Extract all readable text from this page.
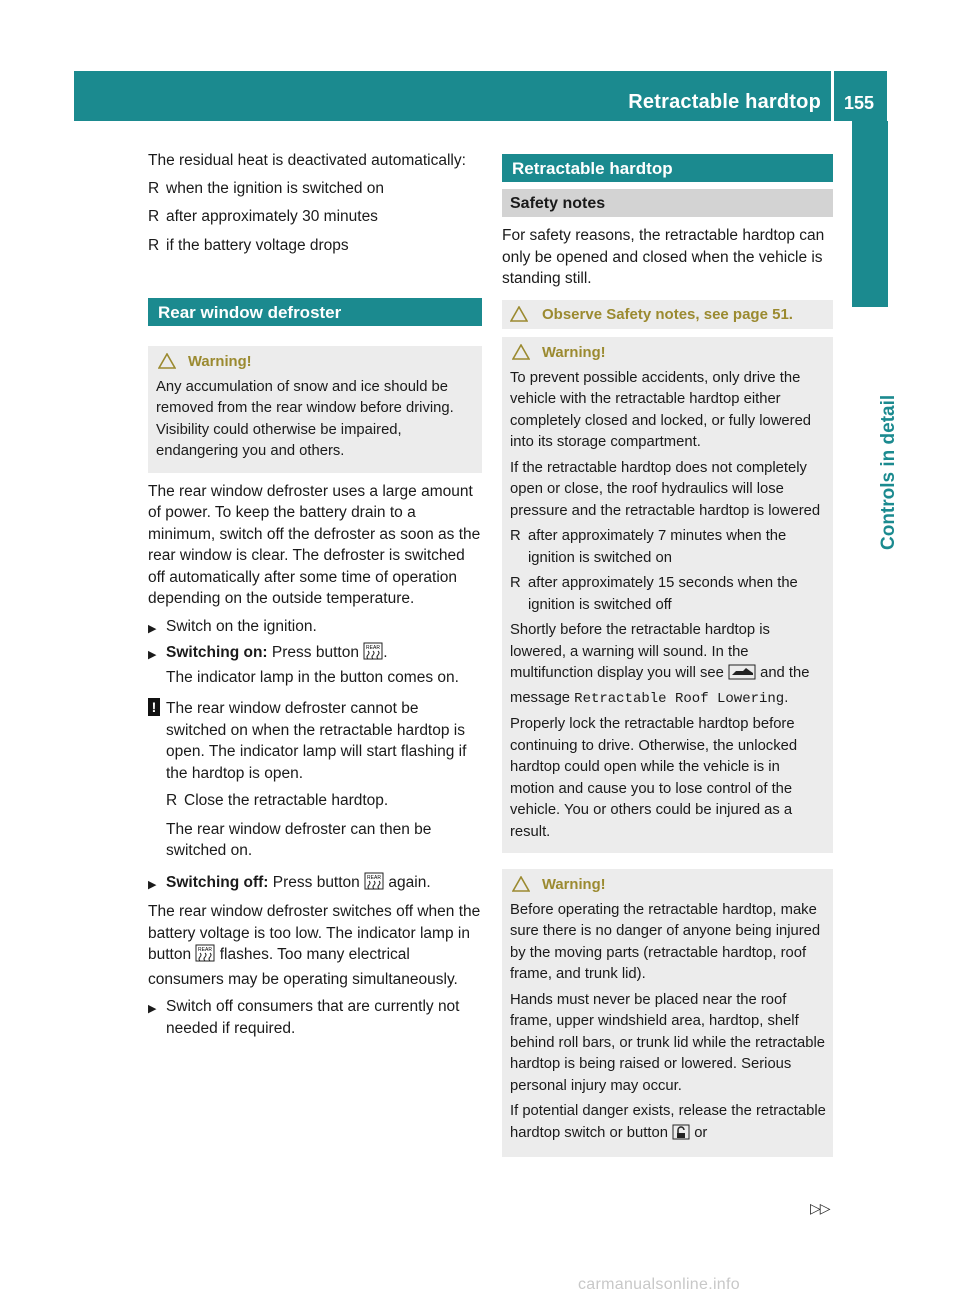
Retractable hardtop 155
Controls in detail

The residual heat is deactivated automatically:

R when the ignition is switched on
R after approximately 30 minutes
R if the battery voltage drops
Rear window defroster
Warning!

Any accumulation of snow and ice should be removed from the rear window before driving. Visibility could otherwise be impaired, endangering you and others.

The rear window defroster uses a large amount of power. To keep the battery drain to a minimum, switch off the defroster as soon as the rear window is clear. The defroster is switched off automatically after some time of operation depending on the outside temperature.

▶ Switch on the ignition.
▶ Switching on: Press button REAR .
The indicator lamp in the button comes on.
! The rear window defroster cannot be switched on when the retractable hardtop is open. The indicator lamp will start flashing if the hardtop is open.

R Close the retractable hardtop.

The rear window defroster can then be switched on.

▶ Switching off: Press button REAR again.

The rear window defroster switches off when the battery voltage is too low. The indicator lamp in button REAR flashes. Too many electrical consumers may be operating simultaneously.

▶ Switch off consumers that are currently not needed if required.
Retractable hardtop
Safety notes

For safety reasons, the retractable hardtop can only be opened and closed when the vehicle is standing still.

Observe Safety notes, see page 51.
Warning!

To prevent possible accidents, only drive the vehicle with the retractable hardtop either completely closed and locked, or fully lowered into its storage compartment.

If the retractable hardtop does not completely open or close, the roof hydraulics will lose pressure and the retractable hardtop is lowered

R after approximately 7 minutes when the ignition is switched on
R after approximately 15 seconds when the ignition is switched off

Shortly before the retractable hardtop is lowered, a warning will sound. In the multifunction display you will see and the message Retractable Roof Lowering.

Properly lock the retractable hardtop before continuing to drive. Otherwise, the unlocked hardtop could open while the vehicle is in motion and cause you to lose control of the vehicle. You or others could be injured as a result.

Warning!

Before operating the retractable hardtop, make sure there is no danger of anyone being injured by the moving parts (retractable hardtop, roof frame, and trunk lid).

Hands must never be placed near the roof frame, upper windshield area, hardtop, shelf behind roll bars, or trunk lid while the retractable hardtop is being raised or lowered. Serious personal injury may occur.

If potential danger exists, release the retractable hardtop switch or button or

▷▷
carmanualsonline.info
